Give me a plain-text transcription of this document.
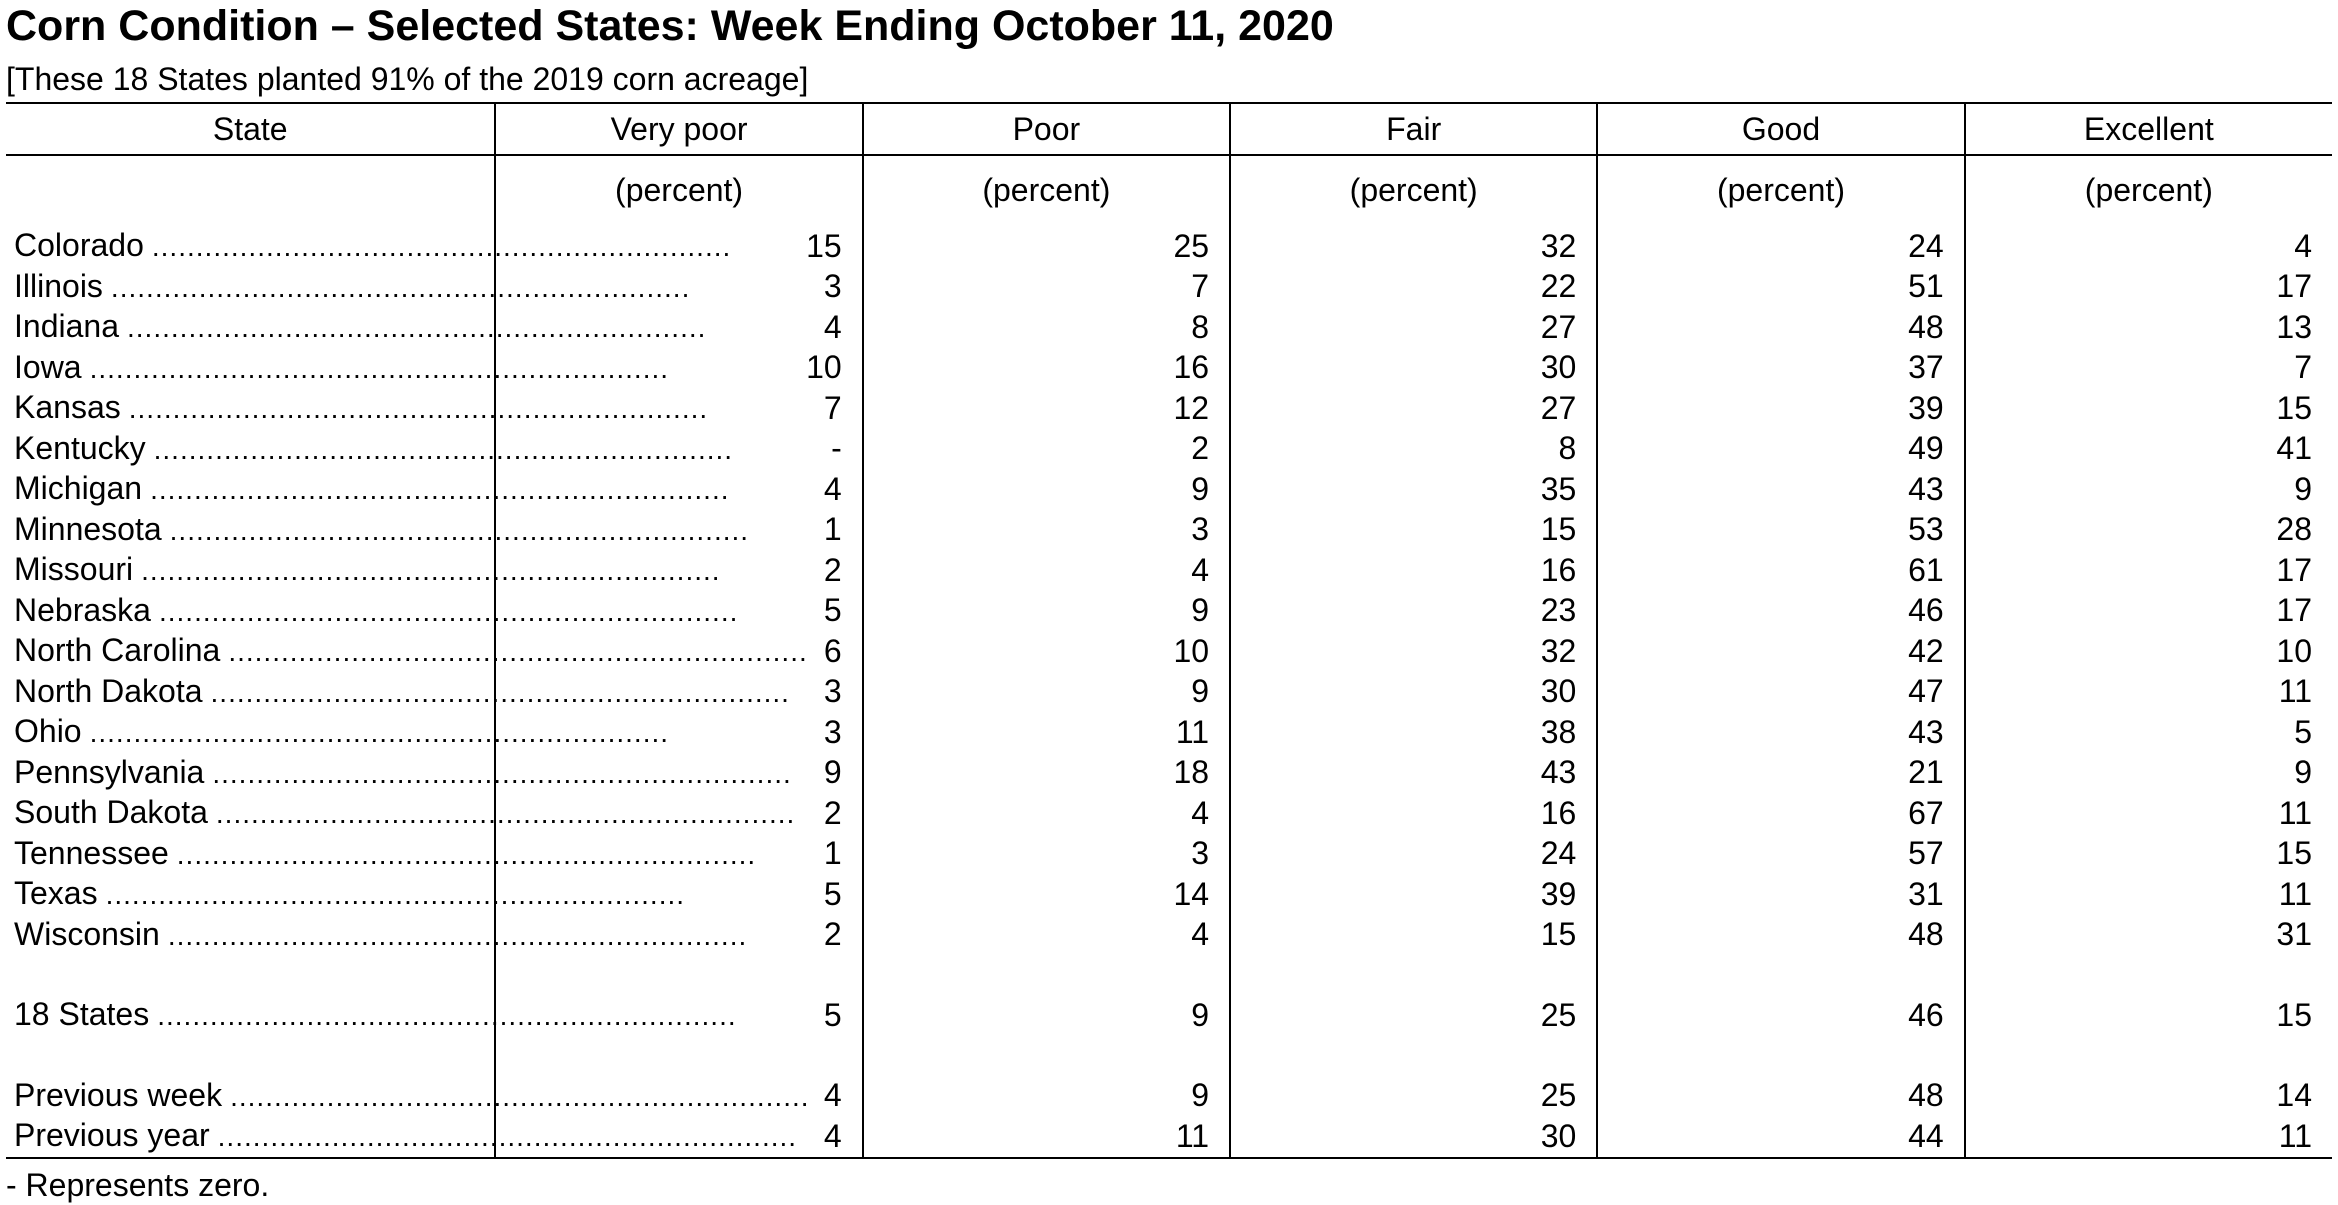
Corn Condition – Selected States: Week Ending October 11, 2020
[These 18 States planted 91% of the 2019 corn acreage]
State	Very poor	Poor	Fair	Good	Excellent
	(percent)	(percent)	(percent)	(percent)	(percent)

Colorado ..................................................................	15	25	32	24	4

Illinois ..................................................................	3	7	22	51	17

Indiana ..................................................................	4	8	27	48	13

Iowa ..................................................................	10	16	30	37	7

Kansas ..................................................................	7	12	27	39	15

Kentucky ..................................................................	-	2	8	49	41

Michigan ..................................................................	4	9	35	43	9

Minnesota ..................................................................	1	3	15	53	28

Missouri ..................................................................	2	4	16	61	17

Nebraska ..................................................................	5	9	23	46	17

North Carolina ..................................................................	6	10	32	42	10

North Dakota ..................................................................	3	9	30	47	11

Ohio ..................................................................	3	11	38	43	5

Pennsylvania ..................................................................	9	18	43	21	9

South Dakota ..................................................................	2	4	16	67	11

Tennessee ..................................................................	1	3	24	57	15

Texas ..................................................................	5	14	39	31	11

Wisconsin ..................................................................	2	4	15	48	31

18 States ..................................................................	5	9	25	46	15

Previous week ..................................................................	4	9	25	48	14

Previous year ..................................................................	4	11	30	44	11
- Represents zero.
